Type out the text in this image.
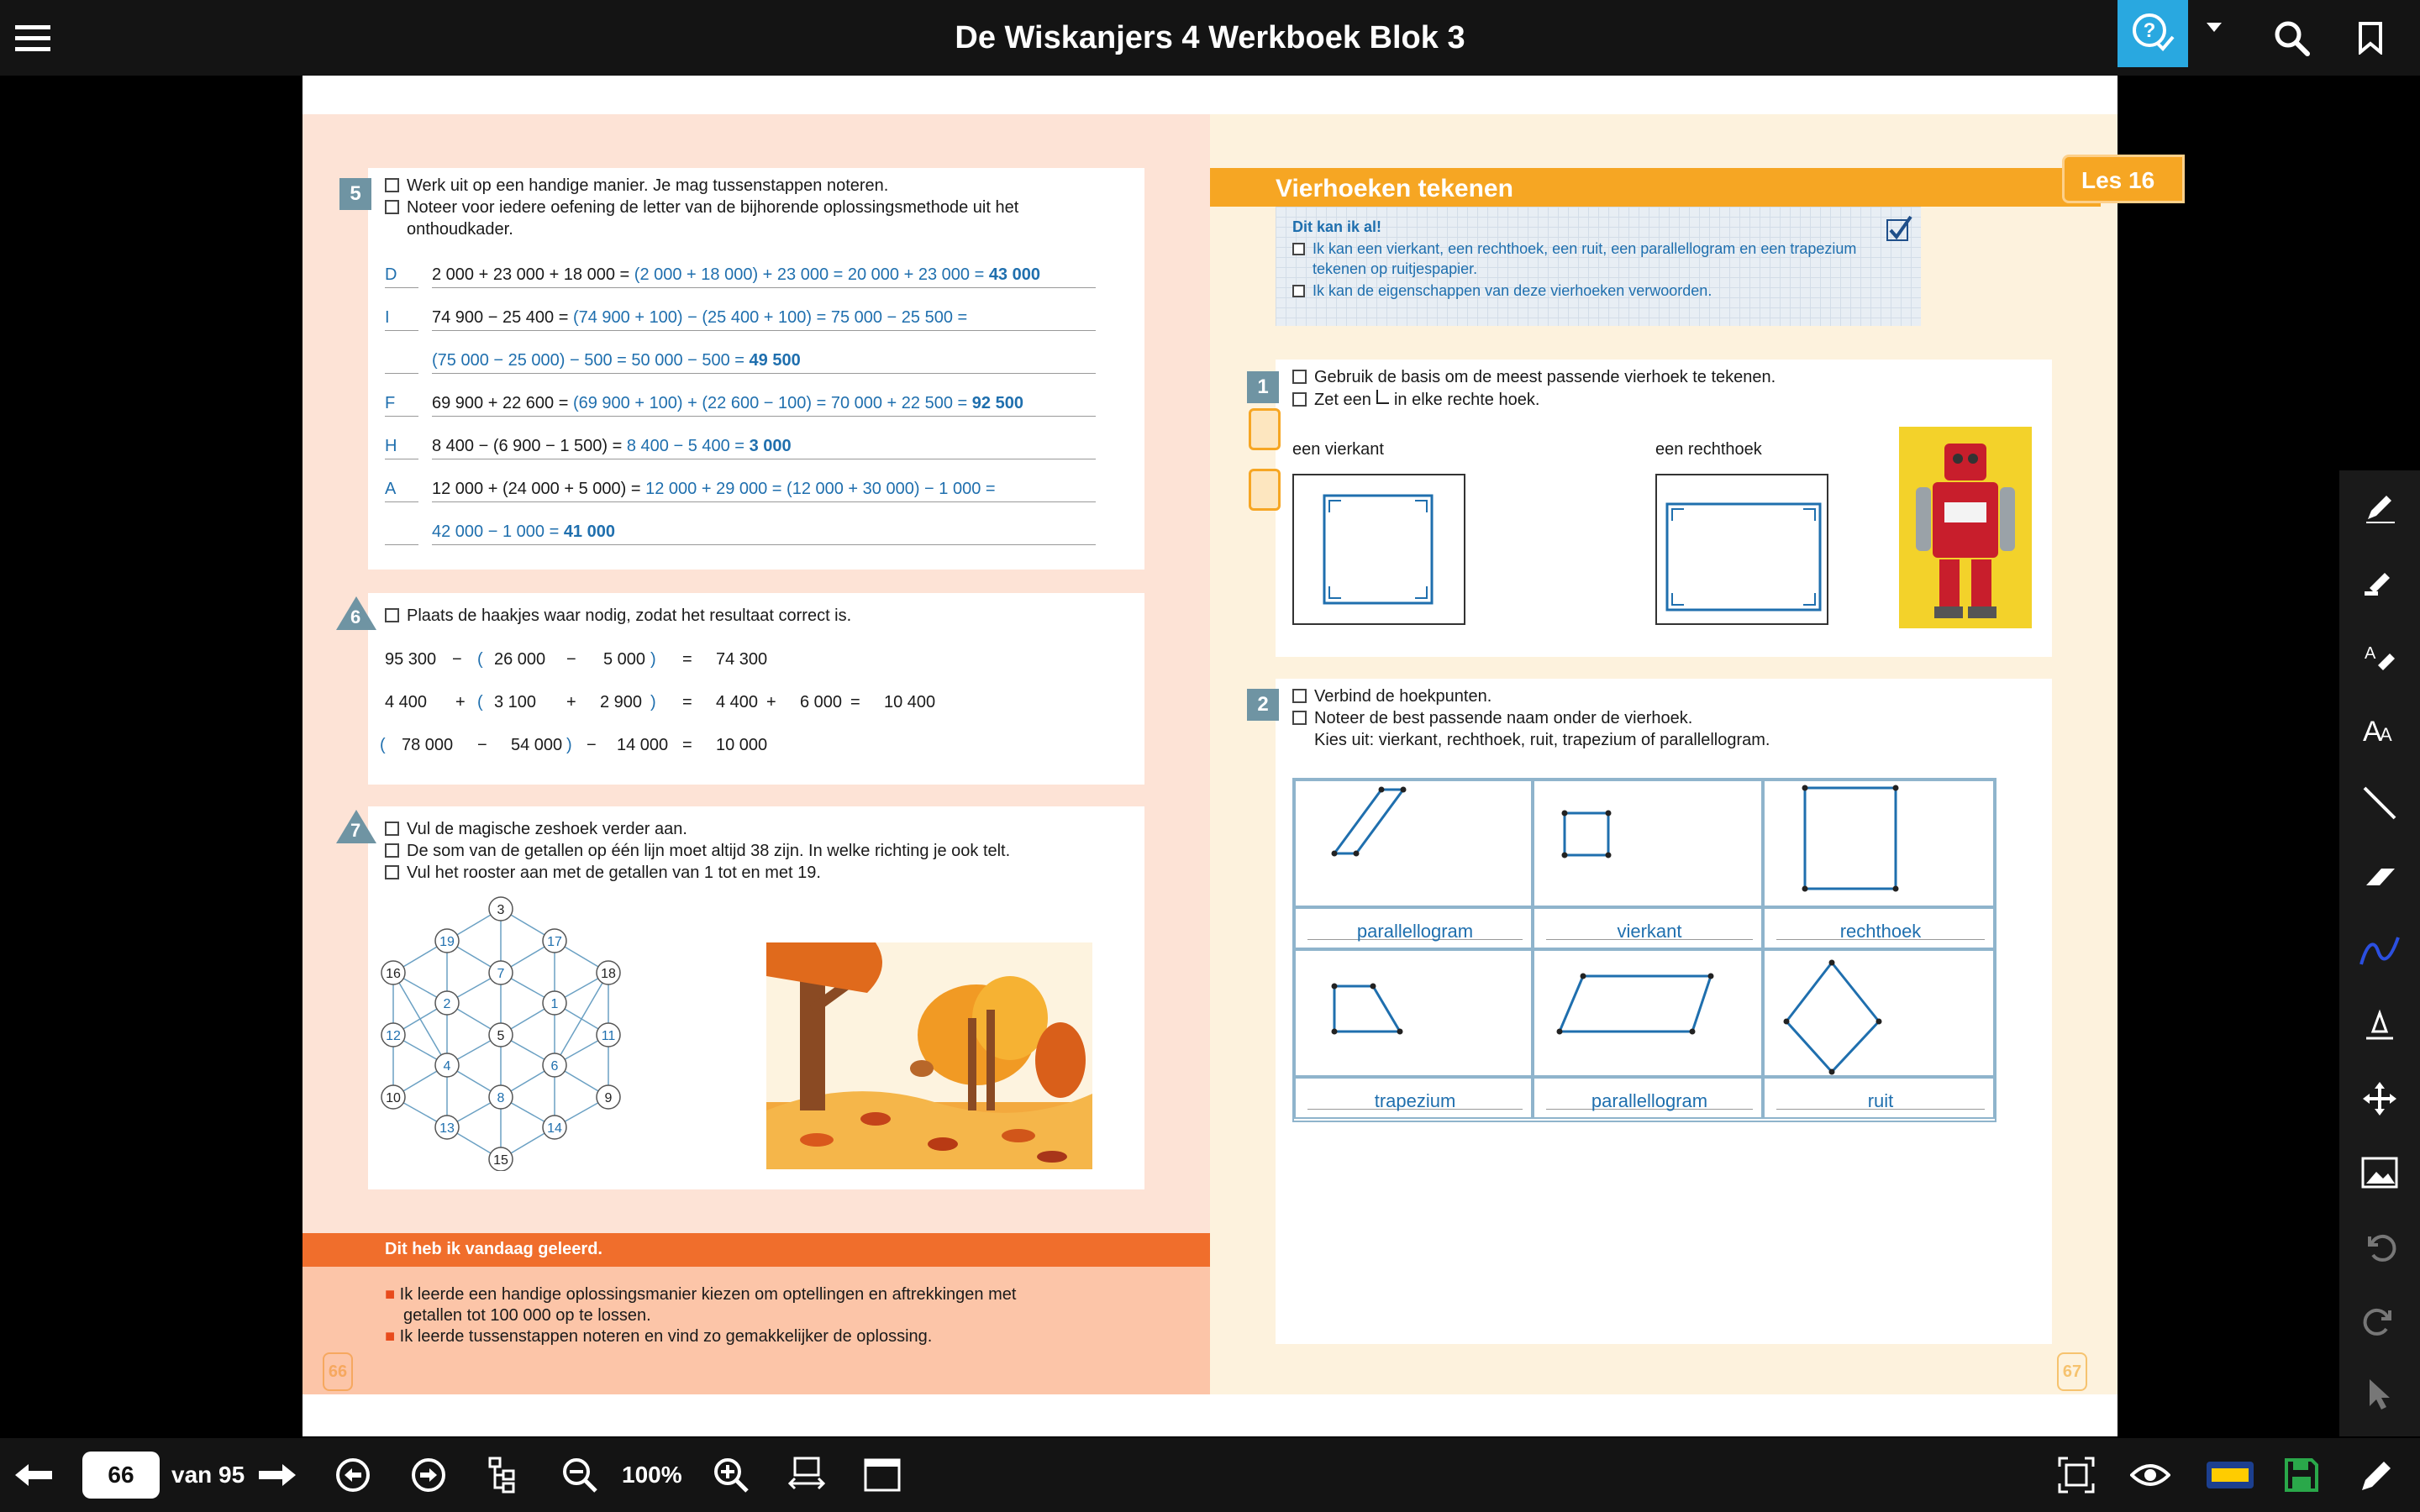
De Wiskanjers 4 Werkboek Blok 3	?
5	Werk uit op een handige manier. Je mag tussenstappen noteren.
Noteer voor iedere oefening de letter van de bijhorende oplossingsmethode uit het
onthoudkader.
D 2 000 + 23 000 + 18 000 = (2 000 + 18 000) + 23 000 = 20 000 + 23 000 = 43 000
I	74 900 − 25 400 = (74 900 + 100) − (25 400 + 100) = 75 000 − 25 500 =
(75 000 − 25 000) − 500 = 50 000 − 500 = 49 500
F 69 900 + 22 600 = (69 900 + 100) + (22 600 − 100) = 70 000 + 22 500 = 92 500
H 8 400 − (6 900 − 1 500) = 8 400 − 5 400 = 3 000
A 12 000 + (24 000 + 5 000) = 12 000 + 29 000 = (12 000 + 30 000) − 1 000 =
42 000 − 1 000 = 41 000
6	Plaats de haakjes waar nodig, zodat het resultaat correct is.
95 300 − ( 26 000 − 5 000 ) = 74 300
4 400 + ( 3 100 + 2 900 ) = 4 400 + 6 000 = 10 400
( 78 000 − 54 000 ) − 14 000 = 10 000
7	Vul de magische zeshoek verder aan.
De som van de getallen op één lijn moet altijd 38 zijn. In welke richting je ook telt.
Vul het rooster aan met de getallen van 1 tot en met 19.
3
19	17
16	7	18
2	1
12	5	11
4	6
10	8	9
13	14
15
Dit heb ik vandaag geleerd.
■ Ik leerde een handige oplossingsmanier kiezen om optellingen en aftrekkingen met
getallen tot 100 000 op te lossen.
■ Ik leerde tussenstappen noteren en vind zo gemakkelijker de oplossing.
66
Vierhoeken tekenen	Les 16
Dit kan ik al!
Ik kan een vierkant, een rechthoek, een ruit, een parallellogram en een trapezium
tekenen op ruitjespapier.
Ik kan de eigenschappen van deze vierhoeken verwoorden.
1	Gebruik de basis om de meest passende vierhoek te tekenen.
Zet een in elke rechte hoek.
een vierkant	een rechthoek
2	Verbind de hoekpunten.
Noteer de best passende naam onder de vierhoek.
Kies uit: vierkant, rechthoek, ruit, trapezium of parallellogram.
parallellogram	vierkant	rechthoek
trapezium	parallellogram	ruit
67
A
A
A
66
van 95	100%
